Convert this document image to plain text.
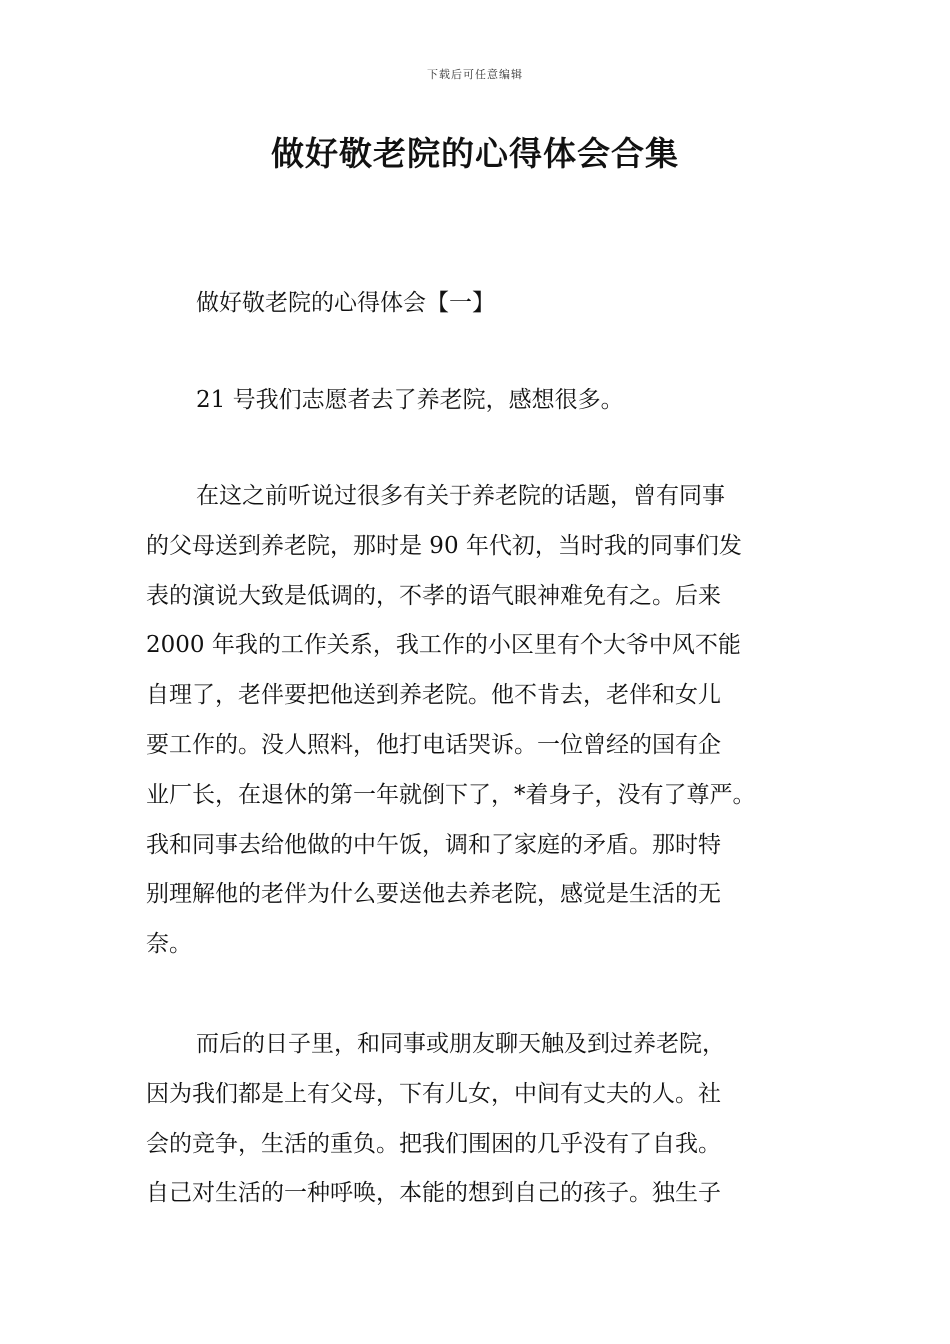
下载后可任意编辑
做好敬老院的心得体会合集
做好敬老院的心得体会【一】

21 号我们志愿者去了养老院，感想很多。

在这之前听说过很多有关于养老院的话题，曾有同事
的父母送到养老院，那时是 90 年代初，当时我的同事们发
表的演说大致是低调的，不孝的语气眼神难免有之。后来
2000 年我的工作关系，我工作的小区里有个大爷中风不能
自理了，老伴要把他送到养老院。他不肯去，老伴和女儿
要工作的。没人照料，他打电话哭诉。一位曾经的国有企
业厂长，在退休的第一年就倒下了，*着身子，没有了尊严。
我和同事去给他做的中午饭，调和了家庭的矛盾。那时特
别理解他的老伴为什么要送他去养老院，感觉是生活的无
奈。

而后的日子里，和同事或朋友聊天触及到过养老院，
因为我们都是上有父母，下有儿女，中间有丈夫的人。社
会的竞争，生活的重负。把我们围困的几乎没有了自我。
自己对生活的一种呼唤，本能的想到自己的孩子。独生子
